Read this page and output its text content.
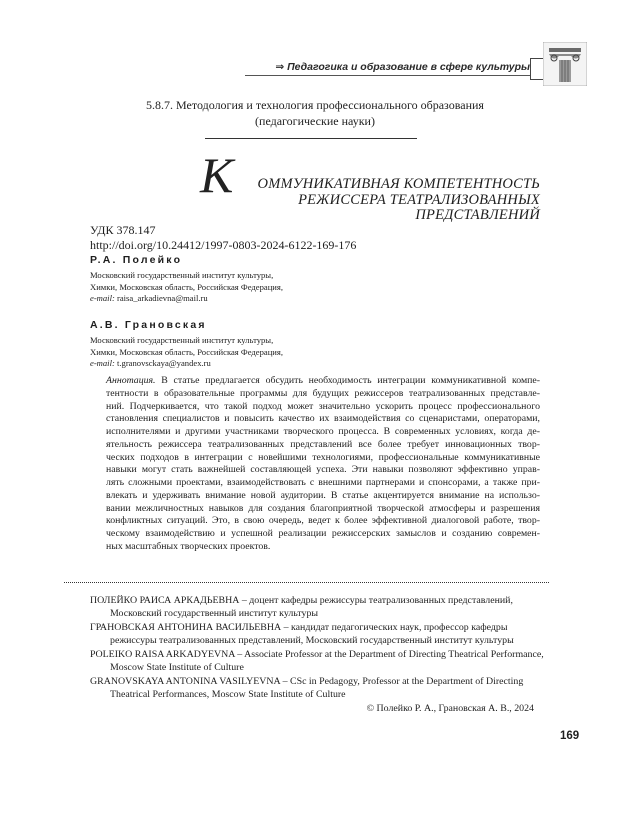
⇒ Педагогика и образование в сфере культуры
5.8.7. Методология и технология профессионального образования
(педагогические науки)
К	ОММУНИКАТИВНАЯ КОМПЕТЕНТНОСТЬ
РЕЖИССЕРА ТЕАТРАЛИЗОВАННЫХ ПРЕДСТАВЛЕНИЙ
УДК 378.147
http://doi.org/10.24412/1997-0803-2024-6122-169-176
Р.А. Полейко
Московский государственный институт культуры,
Химки, Московская область, Российская Федерация,
e-mail: raisa_arkadievna@mail.ru
А.В. Грановская
Московский государственный институт культуры,
Химки, Московская область, Российская Федерация,
e-mail: t.granovsckaya@yandex.ru
Аннотация. В статье предлагается обсудить необходимость интеграции коммуникативной компе-
тентности в образовательные программы для будущих режиссеров театрализованных представле-
ний. Подчеркивается, что такой подход может значительно ускорить процесс профессионального
становления специалистов и повысить качество их взаимодействия со сценаристами, операторами,
исполнителями и другими участниками творческого процесса. В современных условиях, когда де-
ятельность режиссера театрализованных представлений все более требует инновационных твор-
ческих подходов в интеграции с новейшими технологиями, профессиональные коммуникативные
навыки могут стать важнейшей составляющей успеха. Эти навыки позволяют эффективно управ-
лять сложными проектами, взаимодействовать с внешними партнерами и спонсорами, а также при-
влекать и удерживать внимание новой аудитории. В статье акцентируется внимание на использо-
вании межличностных навыков для создания благоприятной творческой атмосферы и разрешения
конфликтных ситуаций. Это, в свою очередь, ведет к более эффективной диалоговой работе, твор-
ческому взаимодействию и успешной реализации режиссерских замыслов и созданию современ-
ных масштабных творческих проектов.
ПОЛЕЙКО РАИСА АРКАДЬЕВНА – доцент кафедры режиссуры театрализованных представлений,
Московский государственный институт культуры
ГРАНОВСКАЯ АНТОНИНА ВАСИЛЬЕВНА – кандидат педагогических наук, профессор кафедры
режиссуры театрализованных представлений, Московский государственный институт культуры
POLEIKO RAISA ARKADYEVNA – Associate Professor at the Department of Directing Theatrical Performance,
Moscow State Institute of Culture
GRANOVSKAYA ANTONINA VASILYEVNA – CSc in Pedagogy, Professor at the Department of Directing
Theatrical Performances, Moscow State Institute of Culture
© Полейко Р. А., Грановская А. В., 2024
169
